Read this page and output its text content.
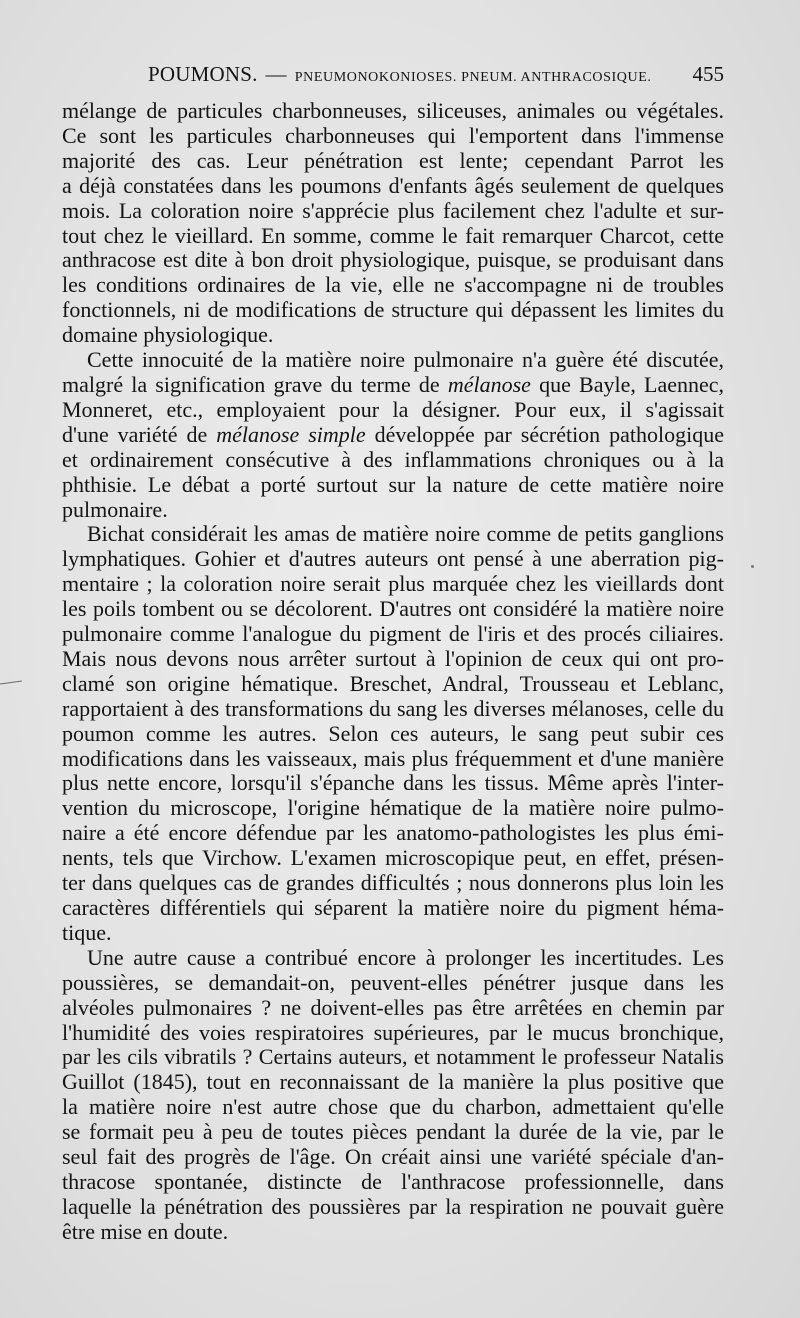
POUMONS. — PNEUMONOKONIOSES. PNEUM. ANTHRACOSIQUE. 455

mélange de particules charbonneuses, siliceuses, animales ou végétales.
Ce sont les particules charbonneuses qui l'emportent dans l'immense
majorité des cas. Leur pénétration est lente; cependant Parrot les
a déjà constatées dans les poumons d'enfants âgés seulement de quelques
mois. La coloration noire s'apprécie plus facilement chez l'adulte et sur-
tout chez le vieillard. En somme, comme le fait remarquer Charcot, cette
anthracose est dite à bon droit physiologique, puisque, se produisant dans
les conditions ordinaires de la vie, elle ne s'accompagne ni de troubles
fonctionnels, ni de modifications de structure qui dépassent les limites du
domaine physiologique.

Cette innocuité de la matière noire pulmonaire n'a guère été discutée,
malgré la signification grave du terme de mélanose que Bayle, Laennec,
Monneret, etc., employaient pour la désigner. Pour eux, il s'agissait
d'une variété de mélanose simple développée par sécrétion pathologique
et ordinairement consécutive à des inflammations chroniques ou à la
phthisie. Le débat a porté surtout sur la nature de cette matière noire
pulmonaire.

Bichat considérait les amas de matière noire comme de petits ganglions
lymphatiques. Gohier et d'autres auteurs ont pensé à une aberration pig-
mentaire ; la coloration noire serait plus marquée chez les vieillards dont
les poils tombent ou se décolorent. D'autres ont considéré la matière noire
pulmonaire comme l'analogue du pigment de l'iris et des procés ciliaires.
Mais nous devons nous arrêter surtout à l'opinion de ceux qui ont pro-
clamé son origine hématique. Breschet, Andral, Trousseau et Leblanc,
rapportaient à des transformations du sang les diverses mélanoses, celle du
poumon comme les autres. Selon ces auteurs, le sang peut subir ces
modifications dans les vaisseaux, mais plus fréquemment et d'une manière
plus nette encore, lorsqu'il s'épanche dans les tissus. Même après l'inter-
vention du microscope, l'origine hématique de la matière noire pulmo-
naire a été encore défendue par les anatomo-pathologistes les plus émi-
nents, tels que Virchow. L'examen microscopique peut, en effet, présen-
ter dans quelques cas de grandes difficultés ; nous donnerons plus loin les
caractères différentiels qui séparent la matière noire du pigment héma-
tique.

Une autre cause a contribué encore à prolonger les incertitudes. Les
poussières, se demandait-on, peuvent-elles pénétrer jusque dans les
alvéoles pulmonaires ? ne doivent-elles pas être arrêtées en chemin par
l'humidité des voies respiratoires supérieures, par le mucus bronchique,
par les cils vibratils ? Certains auteurs, et notamment le professeur Natalis
Guillot (1845), tout en reconnaissant de la manière la plus positive que
la matière noire n'est autre chose que du charbon, admettaient qu'elle
se formait peu à peu de toutes pièces pendant la durée de la vie, par le
seul fait des progrès de l'âge. On créait ainsi une variété spéciale d'an-
thracose spontanée, distincte de l'anthracose professionnelle, dans
laquelle la pénétration des poussières par la respiration ne pouvait guère
être mise en doute.
